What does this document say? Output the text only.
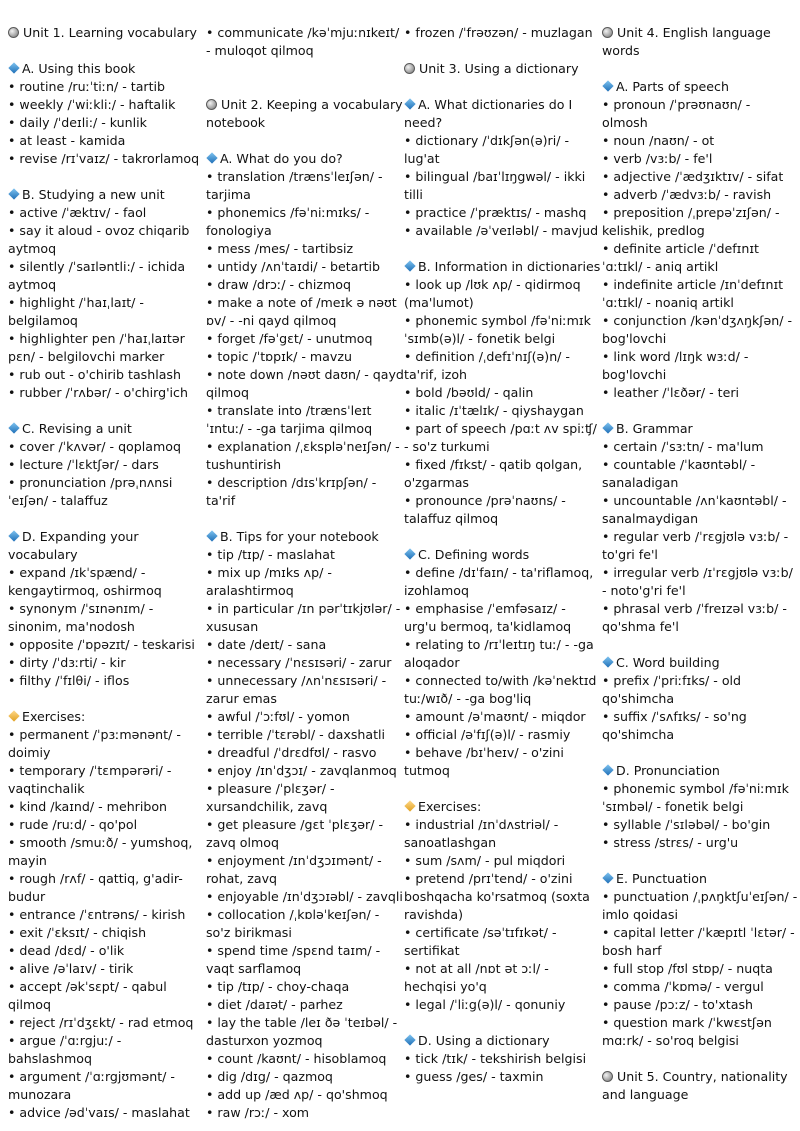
Unit 1. Learning vocabulary
A. Using this book
• routine /ruːˈtiːn/ - tartib
• weekly /ˈwiːkli:/ - haftalik
• daily /ˈdeɪli:/ - kunlik
• at least - kamida
• revise /rɪˈvaɪz/ - takrorlamoq
B. Studying a new unit
• active /ˈæktɪv/ - faol
• say it aloud - ovoz chiqarib aytmoq
• silently /ˈsaɪləntli:/ - ichida aytmoq
• highlight /ˈhaɪˌlaɪt/ - belgilamoq
• highlighter pen /ˈhaɪˌlaɪtər pɛn/ - belgilovchi marker
• rub out - o'chirib tashlash
• rubber /ˈrʌbər/ - o'chirg'ich
C. Revising a unit
• cover /ˈkʌvər/ - qoplamoq
• lecture /ˈlɛktʃər/ - dars
• pronunciation /prəˌnʌnsiˈeɪʃən/ - talaffuz
D. Expanding your vocabulary
• expand /ɪkˈspænd/ - kengaytirmoq, oshirmoq
• synonym /ˈsɪnənɪm/ - sinonim, ma'nodosh
• opposite /ˈɒpəzɪt/ - teskarisi
• dirty /ˈdɜːrti/ - kir
• filthy /ˈfɪlθi/ - iflos
Exercises:
• permanent /ˈpɜːmənənt/ - doimiy
• temporary /ˈtɛmpərəri/ - vaqtinchalik
• kind /kaɪnd/ - mehribon
• rude /ruːd/ - qo'pol
• smooth /smuːð/ - yumshoq, mayin
• rough /rʌf/ - qattiq, g'adir-budur
• entrance /ˈɛntrəns/ - kirish
• exit /ˈɛksɪt/ - chiqish
• dead /dɛd/ - o'lik
• alive /əˈlaɪv/ - tirik
• accept /əkˈsɛpt/ - qabul qilmoq
• reject /rɪˈdʒɛkt/ - rad etmoq
• argue /ˈɑːrgjuː/ - bahslashmoq
• argument /ˈɑːrgjʊmənt/ - munozara
• advice /ədˈvaɪs/ - maslahat
• communicate /kəˈmjuːnɪkeɪt/ - muloqot qilmoq
Unit 2. Keeping a vocabulary notebook
A. What do you do?
• translation /trænsˈleɪʃən/ - tarjima
• phonemics /fəˈniːmɪks/ - fonologiya
• mess /mes/ - tartibsiz
• untidy /ʌnˈtaɪdi/ - betartib
• draw /drɔː/ - chizmoq
• make a note of /meɪk ə nəʊt ɒv/ - -ni qayd qilmoq
• forget /fəˈgɛt/ - unutmoq
• topic /ˈtɒpɪk/ - mavzu
• note down /nəʊt daʊn/ - qayd qilmoq
• translate into /trænsˈleɪt ˈɪntuː/ - -ga tarjima qilmoq
• explanation /ˌɛkspləˈneɪʃən/ - tushuntirish
• description /dɪsˈkrɪpʃən/ - ta'rif
B. Tips for your notebook
• tip /tɪp/ - maslahat
• mix up /mɪks ʌp/ - aralashtirmoq
• in particular /ɪn pərˈtɪkjʊlər/ - xususan
• date /deɪt/ - sana
• necessary /ˈnɛsɪsəri/ - zarur
• unnecessary /ʌnˈnɛsɪsəri/ - zarur emas
• awful /ˈɔːfʊl/ - yomon
• terrible /ˈtɛrəbl/ - daxshatli
• dreadful /ˈdrɛdfʊl/ - rasvo
• enjoy /ɪnˈdʒɔɪ/ - zavqlanmoq
• pleasure /ˈplɛʒər/ - xursandchilik, zavq
• get pleasure /gɛt ˈplɛʒər/ - zavq olmoq
• enjoyment /ɪnˈdʒɔɪmənt/ - rohat, zavq
• enjoyable /ɪnˈdʒɔɪəbl/ - zavqli
• collocation /ˌkɒləˈkeɪʃən/ - so'z birikmasi
• spend time /spɛnd taɪm/ - vaqt sarflamoq
• tip /tɪp/ - choy-chaqa
• diet /daɪət/ - parhez
• lay the table /leɪ ðə ˈteɪbəl/ - dasturxon yozmoq
• count /kaʊnt/ - hisoblamoq
• dig /dɪg/ - qazmoq
• add up /æd ʌp/ - qo'shmoq
• raw /rɔː/ - xom
• frozen /ˈfrəʊzən/ - muzlagan
Unit 3. Using a dictionary
A. What dictionaries do I need?
• dictionary /ˈdɪkʃən(ə)ri/ - lug'at
• bilingual /baɪˈlɪŋgwəl/ - ikki tilli
• practice /ˈpræktɪs/ - mashq
• available /əˈveɪləbl/ - mavjud
B. Information in dictionaries
• look up /lʊk ʌp/ - qidirmoq (ma'lumot)
• phonemic symbol /fəˈniːmɪk ˈsɪmb(ə)l/ - fonetik belgi
• definition /ˌdefɪˈnɪʃ(ə)n/ - ta'rif, izoh
• bold /bəʊld/ - qalin
• italic /ɪˈtælɪk/ - qiyshaygan
• part of speech /pɑːt ʌv spiːʧ/ - so'z turkumi
• fixed /fɪkst/ - qatib qolgan, o'zgarmas
• pronounce /prəˈnaʊns/ - talaffuz qilmoq
C. Defining words
• define /dɪˈfaɪn/ - ta'riflamoq, izohlamoq
• emphasise /ˈemfəsaɪz/ - urg'u bermoq, ta'kidlamoq
• relating to /rɪˈleɪtɪŋ tuː/ - -ga aloqador
• connected to/with /kəˈnektɪd tuː/wɪð/ - -ga bog'liq
• amount /əˈmaʊnt/ - miqdor
• official /əˈfɪʃ(ə)l/ - rasmiy
• behave /bɪˈheɪv/ - o'zini tutmoq
Exercises:
• industrial /ɪnˈdʌstriəl/ - sanoatlashgan
• sum /sʌm/ - pul miqdori
• pretend /prɪˈtend/ - o'zini boshqacha ko'rsatmoq (soxta ravishda)
• certificate /səˈtɪfɪkət/ - sertifikat
• not at all /nɒt ət ɔːl/ - hechqisi yo'q
• legal /ˈliːg(ə)l/ - qonuniy
D. Using a dictionary
• tick /tɪk/ - tekshirish belgisi
• guess /ges/ - taxmin
Unit 4. English language words
A. Parts of speech
• pronoun /ˈprəʊnaʊn/ - olmosh
• noun /naʊn/ - ot
• verb /vɜːb/ - fe'l
• adjective /ˈædʒɪktɪv/ - sifat
• adverb /ˈædvɜːb/ - ravish
• preposition /ˌprepəˈzɪʃən/ - kelishik, predlog
• definite article /ˈdefɪnɪt ˈɑːtɪkl/ - aniq artikl
• indefinite article /ɪnˈdefɪnɪt ˈɑːtɪkl/ - noaniq artikl
• conjunction /kənˈdʒʌŋkʃən/ - bog'lovchi
• link word /lɪŋk wɜːd/ - bog'lovchi
• leather /ˈlɛðər/ - teri
B. Grammar
• certain /ˈsɜːtn/ - ma'lum
• countable /ˈkaʊntəbl/ - sanaladigan
• uncountable /ʌnˈkaʊntəbl/ - sanalmaydigan
• regular verb /ˈrɛgjʊlə vɜːb/ - to'gri fe'l
• irregular verb /ɪˈrɛgjʊlə vɜːb/ - noto'g'ri fe'l
• phrasal verb /ˈfreɪzəl vɜːb/ - qo'shma fe'l
C. Word building
• prefix /ˈpriːfɪks/ - old qo'shimcha
• suffix /ˈsʌfɪks/ - so'ng qo'shimcha
D. Pronunciation
• phonemic symbol /fəˈniːmɪk ˈsɪmbəl/ - fonetik belgi
• syllable /ˈsɪləbəl/ - bo'gin
• stress /strɛs/ - urg'u
E. Punctuation
• punctuation /ˌpʌŋktʃuˈeɪʃən/ - imlo qoidasi
• capital letter /ˈkæpɪtl ˈlɛtər/ - bosh harf
• full stop /fʊl stɒp/ - nuqta
• comma /ˈkɒmə/ - vergul
• pause /pɔːz/ - to'xtash
• question mark /ˈkwɛstʃən mɑːrk/ - so'roq belgisi
Unit 5. Country, nationality and language
